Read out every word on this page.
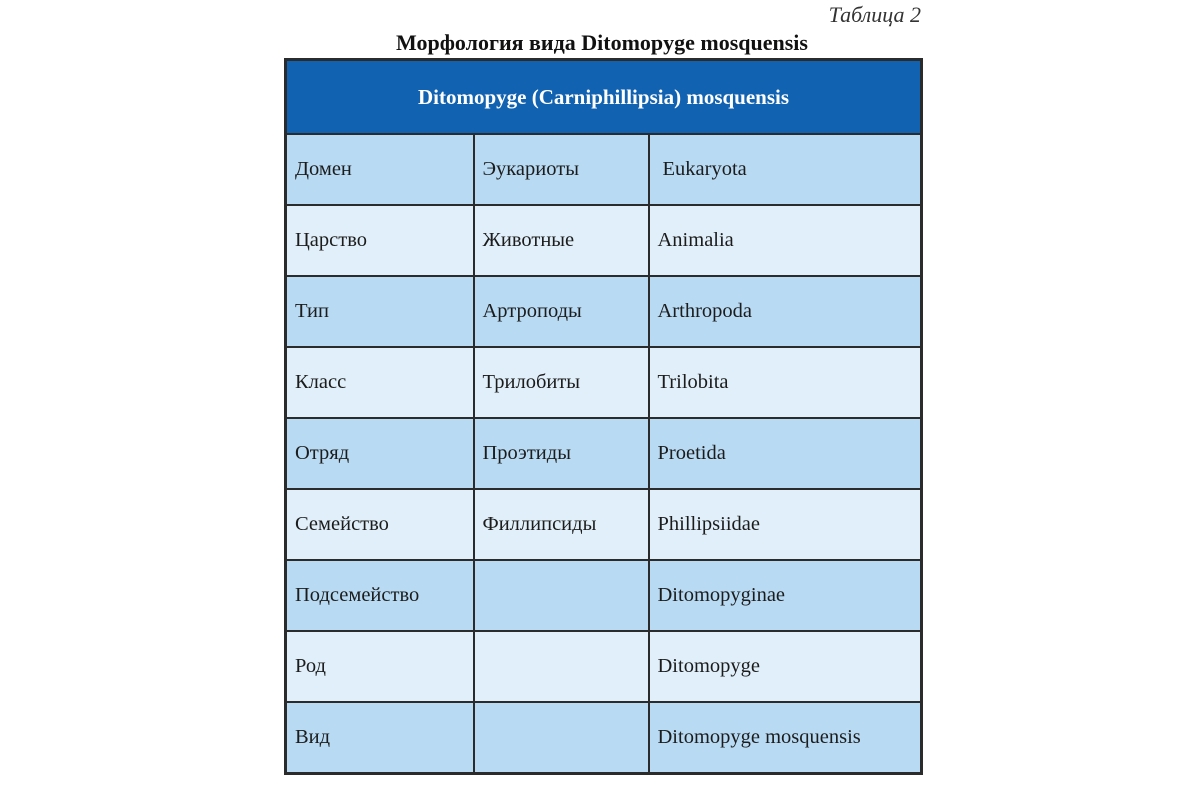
Таблица 2
Морфология вида Ditomopyge mosquensis
Ditomopyge (Carniphillipsia) mosquensis		
Домен	Эукариоты	Eukaryota
Царство	Животные	Animalia
Тип	Артроподы	Arthropoda
Класс	Трилобиты	Trilobita
Отряд	Проэтиды	Proetida
Семейство	Филлипсиды	Phillipsiidae
Подсемейство		Ditomopyginae
Род		Ditomopyge
Вид		Ditomopyge mosquensis
